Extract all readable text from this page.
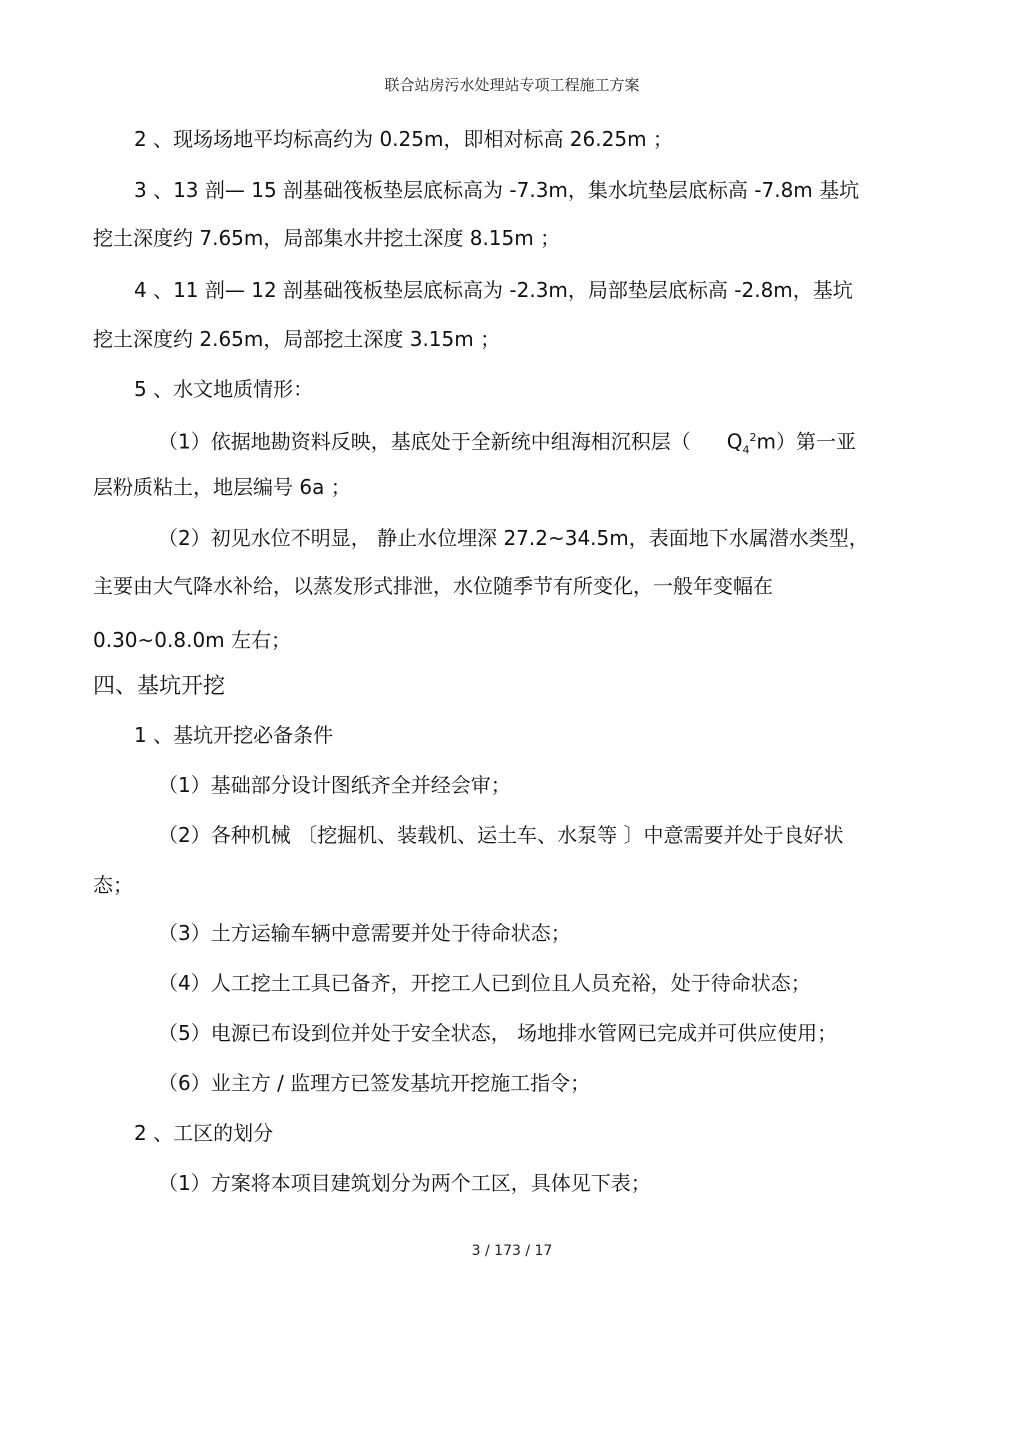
联合站房污水处理站专项工程施工方案
2 、现场场地平均标高约为 0.25m，即相对标高 26.25m ；
3 、13 剖— 15 剖基础筏板垫层底标高为 -7.3m，集水坑垫层底标高 -7.8m 基坑
挖土深度约 7.65m，局部集水井挖土深度 8.15m ；
4 、11 剖— 12 剖基础筏板垫层底标高为 -2.3m，局部垫层底标高 -2.8m，基坑
挖土深度约 2.65m，局部挖土深度 3.15m ；
5 、水文地质情形：
（1）依据地勘资料反映，基底处于全新统中组海相沉积层（ $Q_4^2m$）第一亚
层粉质粘土，地层编号 6a ；
（2）初见水位不明显， 静止水位埋深 27.2~34.5m，表面地下水属潜水类型，
主要由大气降水补给，以蒸发形式排泄，水位随季节有所变化，一般年变幅在
0.30~0.8.0m 左右；
四、基坑开挖
1 、基坑开挖必备条件
（1）基础部分设计图纸齐全并经会审；
（2）各种机械 〔挖掘机、装载机、运土车、水泵等 〕中意需要并处于良好状
态；
（3）土方运输车辆中意需要并处于待命状态；
（4）人工挖土工具已备齐，开挖工人已到位且人员充裕，处于待命状态；
（5）电源已布设到位并处于安全状态， 场地排水管网已完成并可供应使用；
（6）业主方 / 监理方已签发基坑开挖施工指令；
2 、工区的划分
（1）方案将本项目建筑划分为两个工区，具体见下表；
3 / 173 / 17
